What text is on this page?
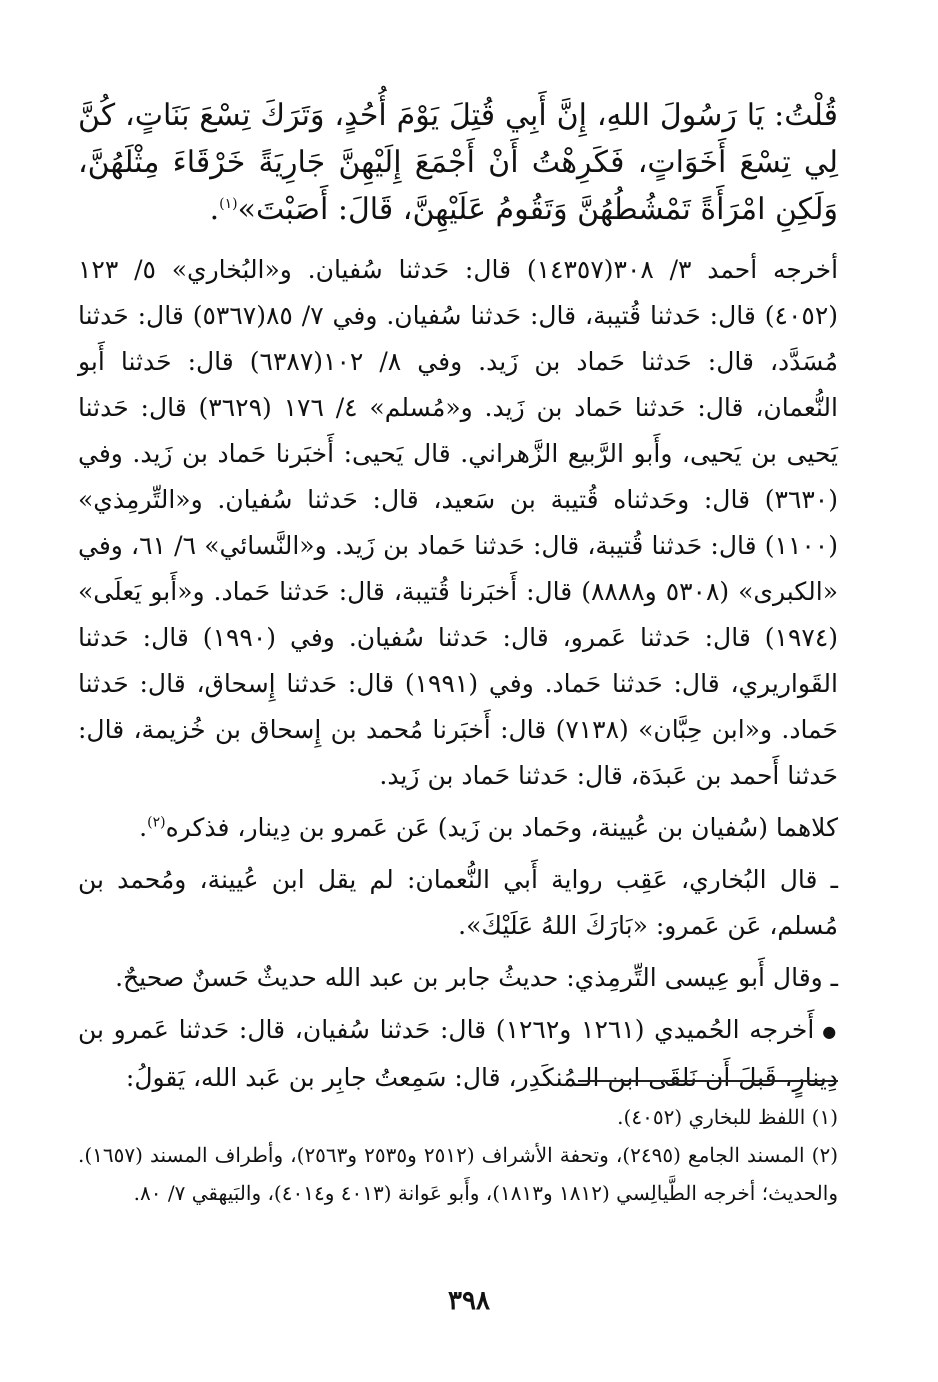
قُلْتُ: يَا رَسُولَ اللهِ، إِنَّ أَبِي قُتِلَ يَوْمَ أُحُدٍ، وَتَرَكَ تِسْعَ بَنَاتٍ، كُنَّ لِي تِسْعَ أَخَوَاتٍ، فَكَرِهْتُ أَنْ أَجْمَعَ إِلَيْهِنَّ جَارِيَةً خَرْقَاءَ مِثْلَهُنَّ، وَلَكِنِ امْرَأَةً تَمْشُطُهُنَّ وَتَقُومُ عَلَيْهِنَّ، قَالَ: أَصَبْتَ»$^{(١)}$.

أخرجه أحمد ٣/ ٣٠٨(١٤٣٥٧) قال: حَدثنا سُفيان. و«البُخاري» ٥/ ١٢٣ (٤٠٥٢) قال: حَدثنا قُتيبة، قال: حَدثنا سُفيان. وفي ٧/ ٨٥(٥٣٦٧) قال: حَدثنا مُسَدَّد، قال: حَدثنا حَماد بن زَيد. وفي ٨/ ١٠٢(٦٣٨٧) قال: حَدثنا أَبو النُّعمان، قال: حَدثنا حَماد بن زَيد. و«مُسلم» ٤/ ١٧٦ (٣٦٢٩) قال: حَدثنا يَحيى بن يَحيى، وأَبو الرَّبيع الزَّهراني. قال يَحيى: أَخبَرنا حَماد بن زَيد. وفي (٣٦٣٠) قال: وحَدثناه قُتيبة بن سَعيد، قال: حَدثنا سُفيان. و«التِّرمِذي» (١١٠٠) قال: حَدثنا قُتيبة، قال: حَدثنا حَماد بن زَيد. و«النَّسائي» ٦/ ٦١، وفي «الكبرى» (٥٣٠٨ و٨٨٨٨) قال: أَخبَرنا قُتيبة، قال: حَدثنا حَماد. و«أَبو يَعلَى» (١٩٧٤) قال: حَدثنا عَمرو، قال: حَدثنا سُفيان. وفي (١٩٩٠) قال: حَدثنا القَواريري، قال: حَدثنا حَماد. وفي (١٩٩١) قال: حَدثنا إِسحاق، قال: حَدثنا حَماد. و«ابن حِبَّان» (٧١٣٨) قال: أَخبَرنا مُحمد بن إِسحاق بن خُزيمة، قال: حَدثنا أَحمد بن عَبدَة، قال: حَدثنا حَماد بن زَيد.

كلاهما (سُفيان بن عُيينة، وحَماد بن زَيد) عَن عَمرو بن دِينار، فذكره$^{(٢)}$.

ـ قال البُخاري، عَقِب رواية أَبي النُّعمان: لم يقل ابن عُيينة، ومُحمد بن مُسلم، عَن عَمرو: «بَارَكَ اللهُ عَلَيْكَ».

ـ وقال أَبو عِيسى التِّرمِذي: حديثُ جابر بن عبد الله حديثٌ حَسنٌ صحيحٌ.

●أَخرجه الحُميدي (١٢٦١ و١٢٦٢) قال: حَدثنا سُفيان، قال: حَدثنا عَمرو بن دِينارٍ، قَبلَ أَن نَلقَى ابن الـمُنكَدِر، قال: سَمِعتُ جابِر بن عَبد الله، يَقولُ:

(١) اللفظ للبخاري (٤٠٥٢).

(٢) المسند الجامع (٢٤٩٥)، وتحفة الأشراف (٢٥١٢ و٢٥٣٥ و٢٥٦٣)، وأطراف المسند (١٦٥٧). والحديث؛ أخرجه الطَّيالِسي (١٨١٢ و١٨١٣)، وأَبو عَوانة (٤٠١٣ و٤٠١٤)، والبَيهقي ٧/ ٨٠.

٣٩٨
